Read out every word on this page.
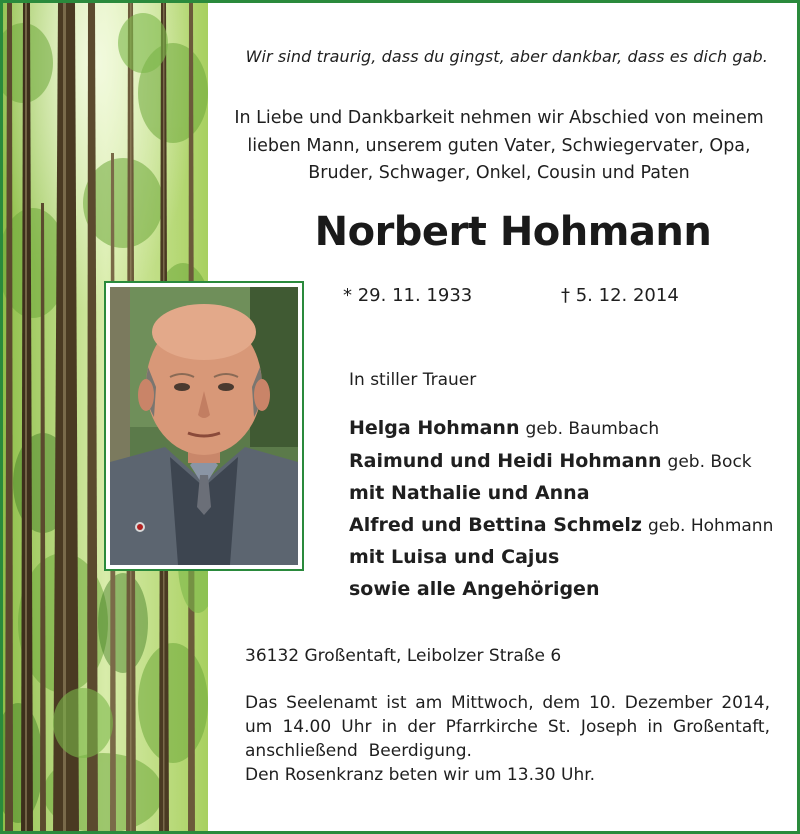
Wir sind traurig, dass du gingst, aber dankbar, dass es dich gab.
In Liebe und Dankbarkeit nehmen wir Abschied von meinem
lieben Mann, unserem guten Vater, Schwiegervater, Opa,
Bruder, Schwager, Onkel, Cousin und Paten
Norbert Hohmann
* 29. 11. 1933	† 5. 12. 2014
In stiller Trauer
Helga Hohmann geb. Baumbach
Raimund und Heidi Hohmann geb. Bock
mit Nathalie und Anna
Alfred und Bettina Schmelz geb. Hohmann
mit Luisa und Cajus
sowie alle Angehörigen
36132 Großentaft, Leibolzer Straße 6
Das Seelenamt ist am Mittwoch, dem 10. Dezember 2014,
um 14.00 Uhr in der Pfarrkirche St. Joseph in Großentaft,
anschließend  Beerdigung.
Den Rosenkranz beten wir um 13.30 Uhr.
